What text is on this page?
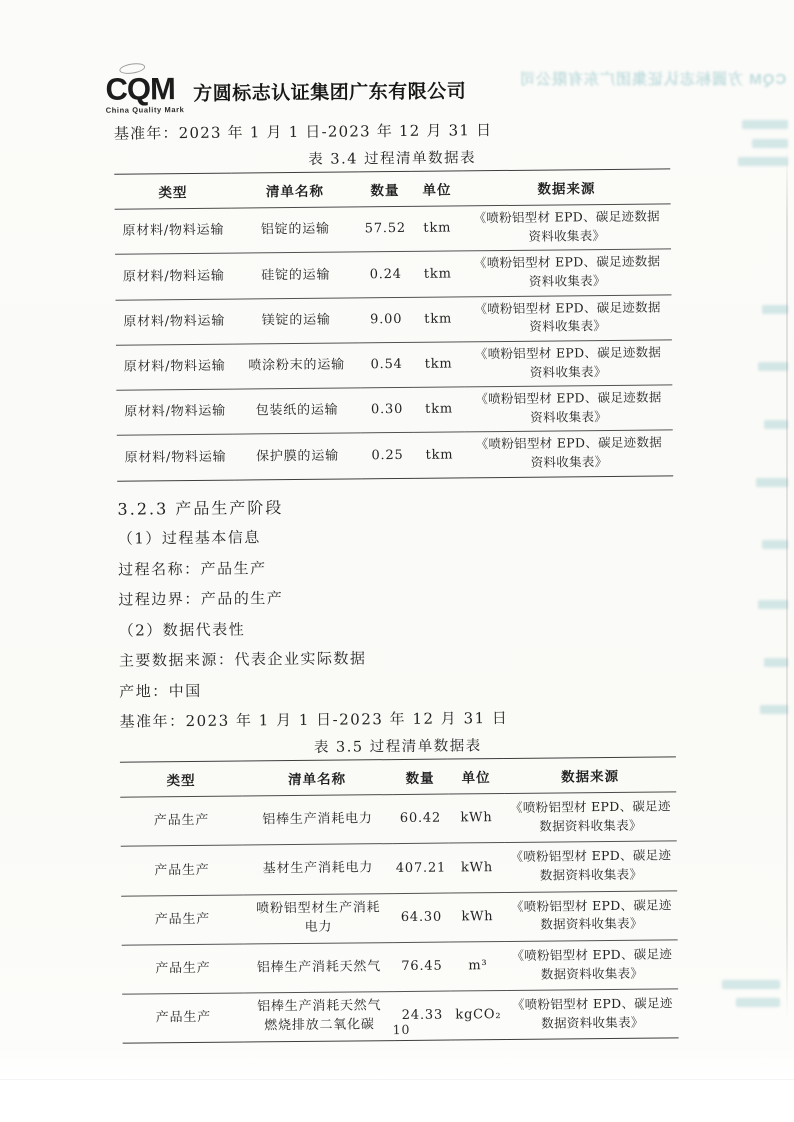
CQM
China Quality Mark
方圆标志认证集团广东有限公司
基准年：2023 年 1 月 1 日-2023 年 12 月 31 日
表 3.4 过程清单数据表
类型	清单名称	数量	单位	数据来源
原材料/物料运输	铝锭的运输	57.52	tkm	《喷粉铝型材 EPD、碳足迹数据资料收集表》
原材料/物料运输	硅锭的运输	0.24	tkm	《喷粉铝型材 EPD、碳足迹数据资料收集表》
原材料/物料运输	镁锭的运输	9.00	tkm	《喷粉铝型材 EPD、碳足迹数据资料收集表》
原材料/物料运输	喷涂粉末的运输	0.54	tkm	《喷粉铝型材 EPD、碳足迹数据资料收集表》
原材料/物料运输	包装纸的运输	0.30	tkm	《喷粉铝型材 EPD、碳足迹数据资料收集表》
原材料/物料运输	保护膜的运输	0.25	tkm	《喷粉铝型材 EPD、碳足迹数据资料收集表》
3.2.3 产品生产阶段
（1）过程基本信息
过程名称：产品生产
过程边界：产品的生产
（2）数据代表性
主要数据来源：代表企业实际数据
产地：中国
基准年：2023 年 1 月 1 日-2023 年 12 月 31 日
表 3.5 过程清单数据表
类型	清单名称	数量	单位	数据来源
产品生产	铝棒生产消耗电力	60.42	kWh	《喷粉铝型材 EPD、碳足迹数据资料收集表》
产品生产	基材生产消耗电力	407.21	kWh	《喷粉铝型材 EPD、碳足迹数据资料收集表》
产品生产	喷粉铝型材生产消耗电力	64.30	kWh	《喷粉铝型材 EPD、碳足迹数据资料收集表》
产品生产	铝棒生产消耗天然气	76.45	m³	《喷粉铝型材 EPD、碳足迹数据资料收集表》
产品生产	铝棒生产消耗天然气燃烧排放二氧化碳	24.33	kgCO₂	《喷粉铝型材 EPD、碳足迹数据资料收集表》
10
CQM 方圆标志认证集团广东有限公司
